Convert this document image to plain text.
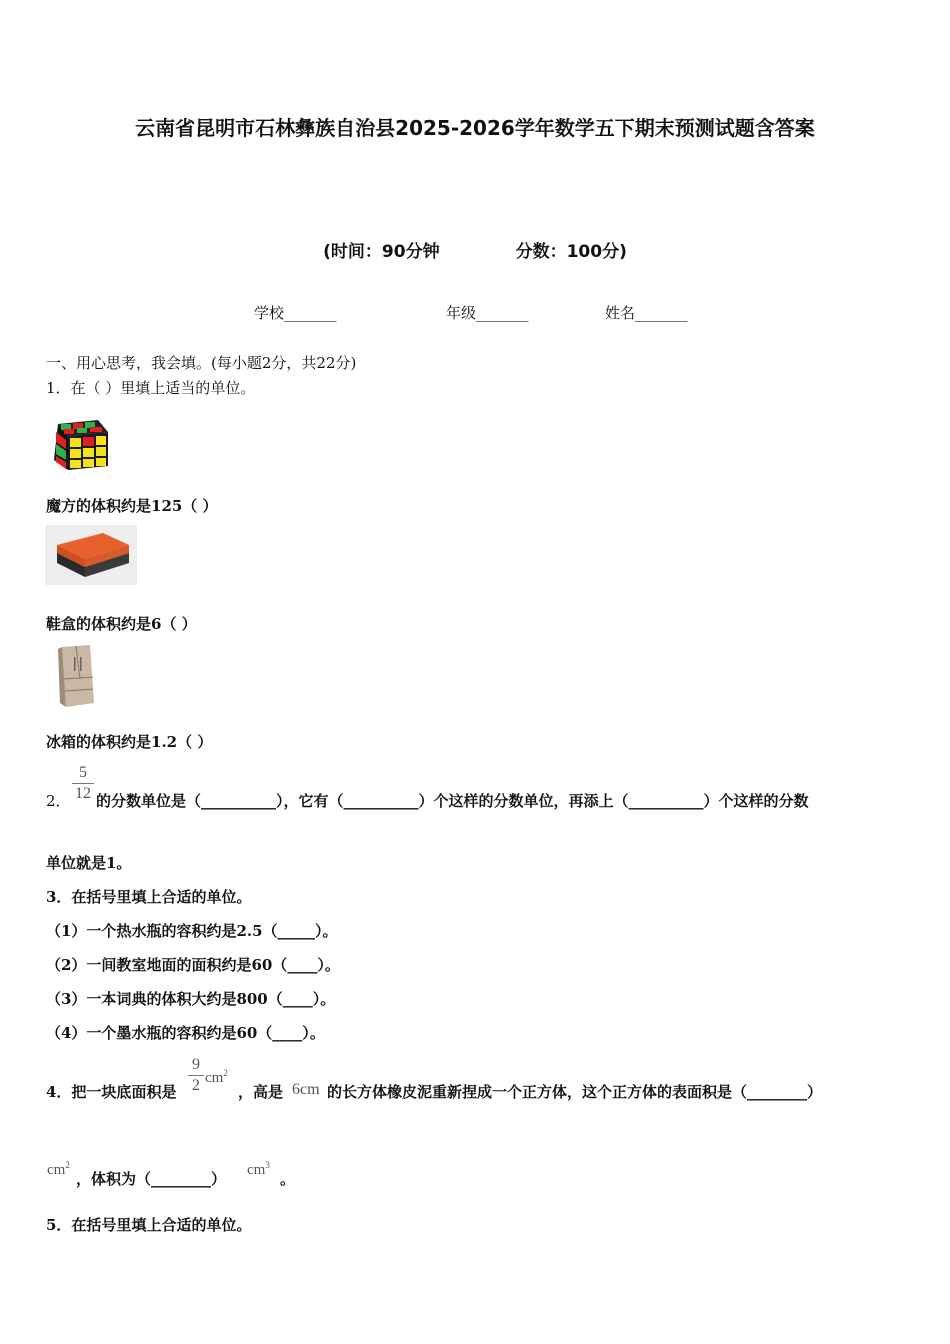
云南省昆明市石林彝族自治县2025-2026学年数学五下期末预测试题含答案
(时间：90分钟	分数：100分)
学校_______	年级_______	姓名_______
一、用心思考，我会填。(每小题2分，共22分)
1．在（ ）里填上适当的单位。
魔方的体积约是125（ ）
鞋盒的体积约是6（ ）
冰箱的体积约是1.2（ ）
2．
5
12 的分数单位是（__________），它有（__________）个这样的分数单位，再添上（__________）个这样的分数
单位就是1。
3．在括号里填上合适的单位。
（1）一个热水瓶的容积约是2.5（_____）。
（2）一间教室地面的面积约是60（____）。
（3）一本词典的体积大约是800（____）。
（4）一个墨水瓶的容积约是60（____）。
4．把一块底面积是
9
2 $cm^2$
，高是 6cm 的长方体橡皮泥重新捏成一个正方体，这个正方体的表面积是（________）
$cm^2$
，体积为（________） $cm^3$
。
5．在括号里填上合适的单位。
